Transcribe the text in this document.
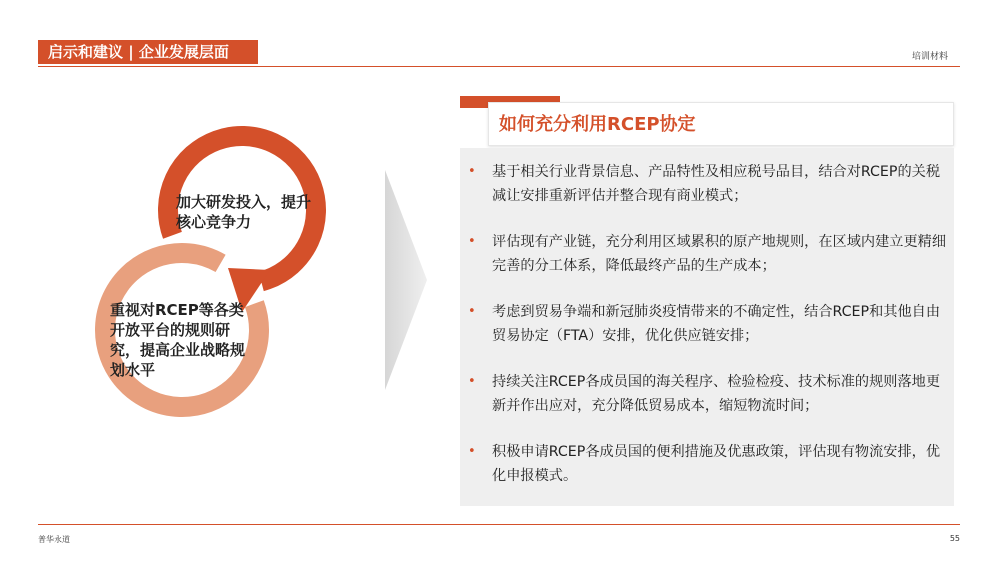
启示和建议 | 企业发展层面	培训材料
加大研发投入，提升核心竞争力
重视对RCEP等各类开放平台的规则研究，提高企业战略规划水平
如何充分利用RCEP协定
• 基于相关行业背景信息、产品特性及相应税号品目，结合对RCEP的关税减让安排重新评估并整合现有商业模式；
• 评估现有产业链，充分利用区域累积的原产地规则，在区域内建立更精细完善的分工体系，降低最终产品的生产成本；
• 考虑到贸易争端和新冠肺炎疫情带来的不确定性，结合RCEP和其他自由贸易协定（FTA）安排，优化供应链安排；
• 持续关注RCEP各成员国的海关程序、检验检疫、技术标准的规则落地更新并作出应对，充分降低贸易成本，缩短物流时间；
• 积极申请RCEP各成员国的便利措施及优惠政策，评估现有物流安排，优化申报模式。
普华永道	55
